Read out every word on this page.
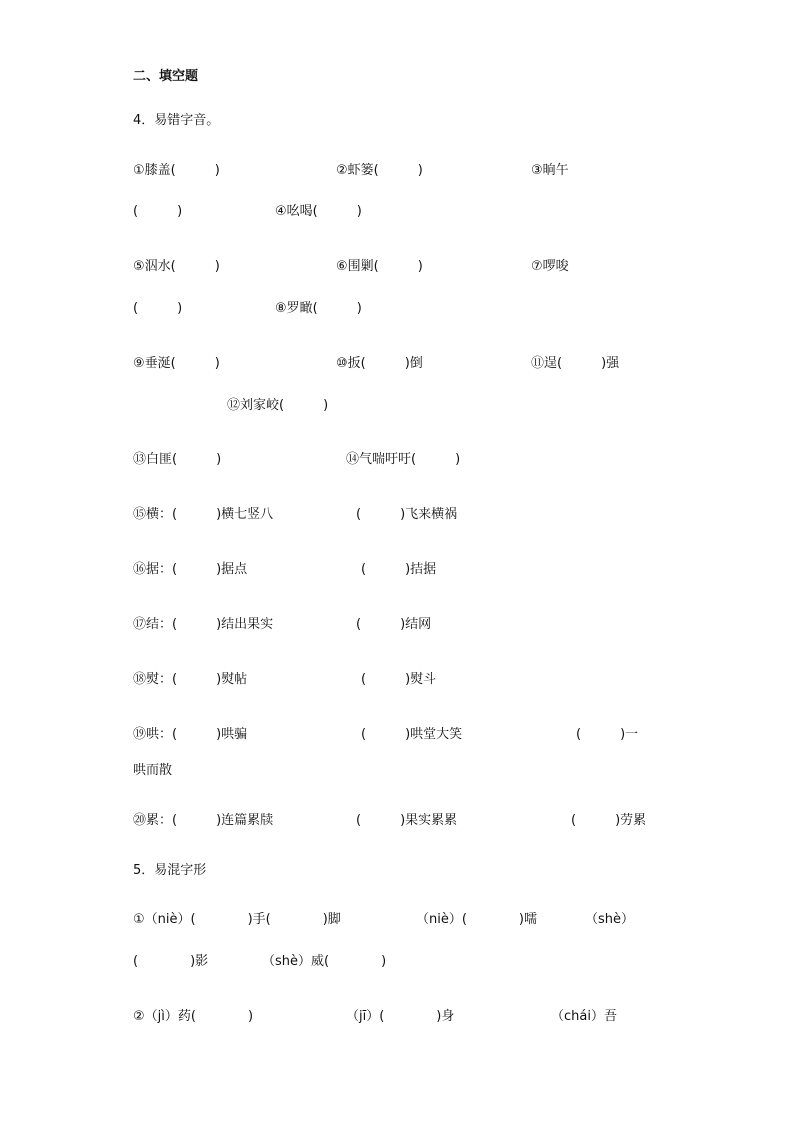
二、填空题
4．易错字音。
①膝盖(　　　)	②虾篓(　　　)	③晌午
(　　　)	④吆喝(　　　)
⑤泅水(　　　)	⑥围剿(　　　)	⑦啰唆
(　　　)	⑧罗瞰(　　　)
⑨垂涎(　　　)	⑩扳(　　　)倒	⑪逞(　　　)强
⑫刘家峧(　　　)
⑬白匪(　　　)	⑭气喘吁吁(　　　)
⑮横：(　　　)横七竖八	(　　　)飞来横祸
⑯据：(　　　)据点	(　　　)拮据
⑰结：(　　　)结出果实	(　　　)结网
⑱熨：(　　　)熨帖	(　　　)熨斗
⑲哄：(　　　)哄骗	(　　　)哄堂大笑	(　　　)一
哄而散
⑳累：(　　　)连篇累牍	(　　　)果实累累	(　　　)劳累
5．易混字形
①（niè）(　　　　)手(　　　　)脚	（niè）(　　　　)嚅	（shè）
(　　　　)影	（shè）威(　　　　)
②（jì）药(　　　　)	（jī）(　　　　)身	（chái）吾
